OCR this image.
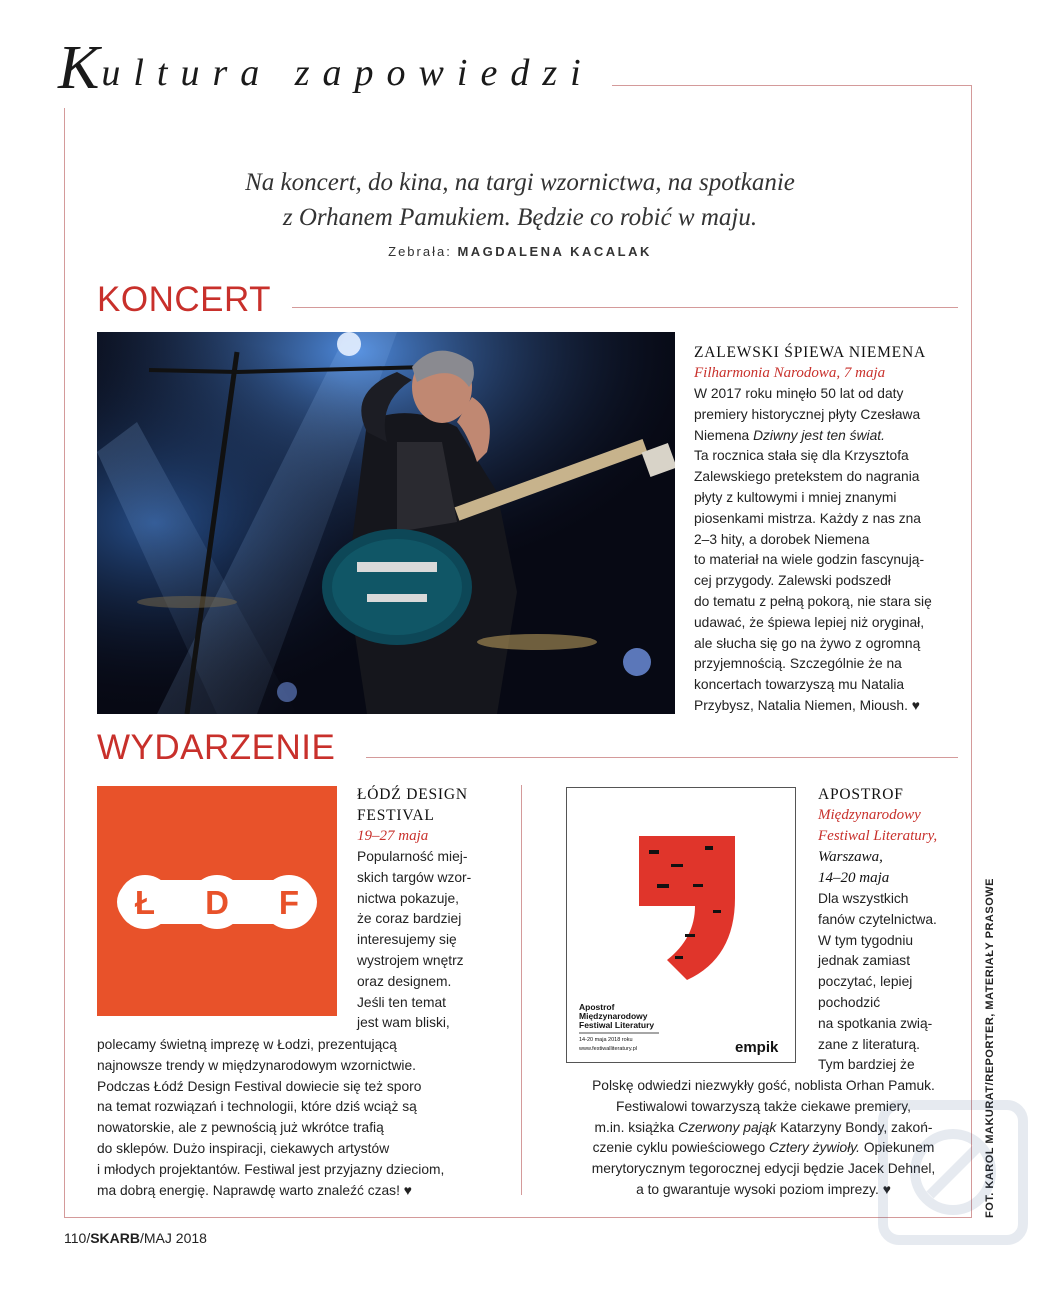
Kultura zapowiedzi
Na koncert, do kina, na targi wzornictwa, na spotkanie
z Orhanem Pamukiem. Będzie co robić w maju.
Zebrała: MAGDALENA KACALAK
KONCERT
ZALEWSKI ŚPIEWA NIEMENA
Filharmonia Narodowa, 7 maja
W 2017 roku minęło 50 lat od daty
premiery historycznej płyty Czesława
Niemena Dziwny jest ten świat.
Ta rocznica stała się dla Krzysztofa
Zalewskiego pretekstem do nagrania
płyty z kultowymi i mniej znanymi
piosenkami mistrza. Każdy z nas zna
2–3 hity, a dorobek Niemena
to materiał na wiele godzin fascynują-
cej przygody. Zalewski podszedł
do tematu z pełną pokorą, nie stara się
udawać, że śpiewa lepiej niż oryginał,
ale słucha się go na żywo z ogromną
przyjemnością. Szczególnie że na
koncertach towarzyszą mu Natalia
Przybysz, Natalia Niemen, Mioush. ♥
WYDARZENIE
Ł D F
ŁÓDŹ DESIGN
FESTIVAL
19–27 maja
Popularność miej-
skich targów wzor-
nictwa pokazuje,
że coraz bardziej
interesujemy się
wystrojem wnętrz
oraz designem.
Jeśli ten temat
jest wam bliski,
polecamy świetną imprezę w Łodzi, prezentującą
najnowsze trendy w międzynarodowym wzornictwie.
Podczas Łódź Design Festival dowiecie się też sporo
na temat rozwiązań i technologii, które dziś wciąż są
nowatorskie, ale z pewnością już wkrótce trafią
do sklepów. Dużo inspiracji, ciekawych artystów
i młodych projektantów. Festiwal jest przyjazny dzieciom,
ma dobrą energię. Naprawdę warto znaleźć czas! ♥
Apostrof
Międzynarodowy
Festiwal Literatury
14-20 maja 2018 roku
www.festiwalliteratury.pl	empik
APOSTROF
Międzynarodowy
Festiwal Literatury,
Warszawa,
14–20 maja
Dla wszystkich
fanów czytelnictwa.
W tym tygodniu
jednak zamiast
poczytać, lepiej
pochodzić
na spotkania zwią-
zane z literaturą.
Tym bardziej że
Polskę odwiedzi niezwykły gość, noblista Orhan Pamuk.
Festiwalowi towarzyszą także ciekawe premiery,
m.in. książka Czerwony pająk Katarzyny Bondy, zakoń-
czenie cyklu powieściowego Cztery żywioły. Opiekunem
merytorycznym tegorocznej edycji będzie Jacek Dehnel,
a to gwarantuje wysoki poziom imprezy. ♥
110/SKARB/MAJ 2018
FOT. KAROL MAKURAT/REPORTER, MATERIAŁY PRASOWE
